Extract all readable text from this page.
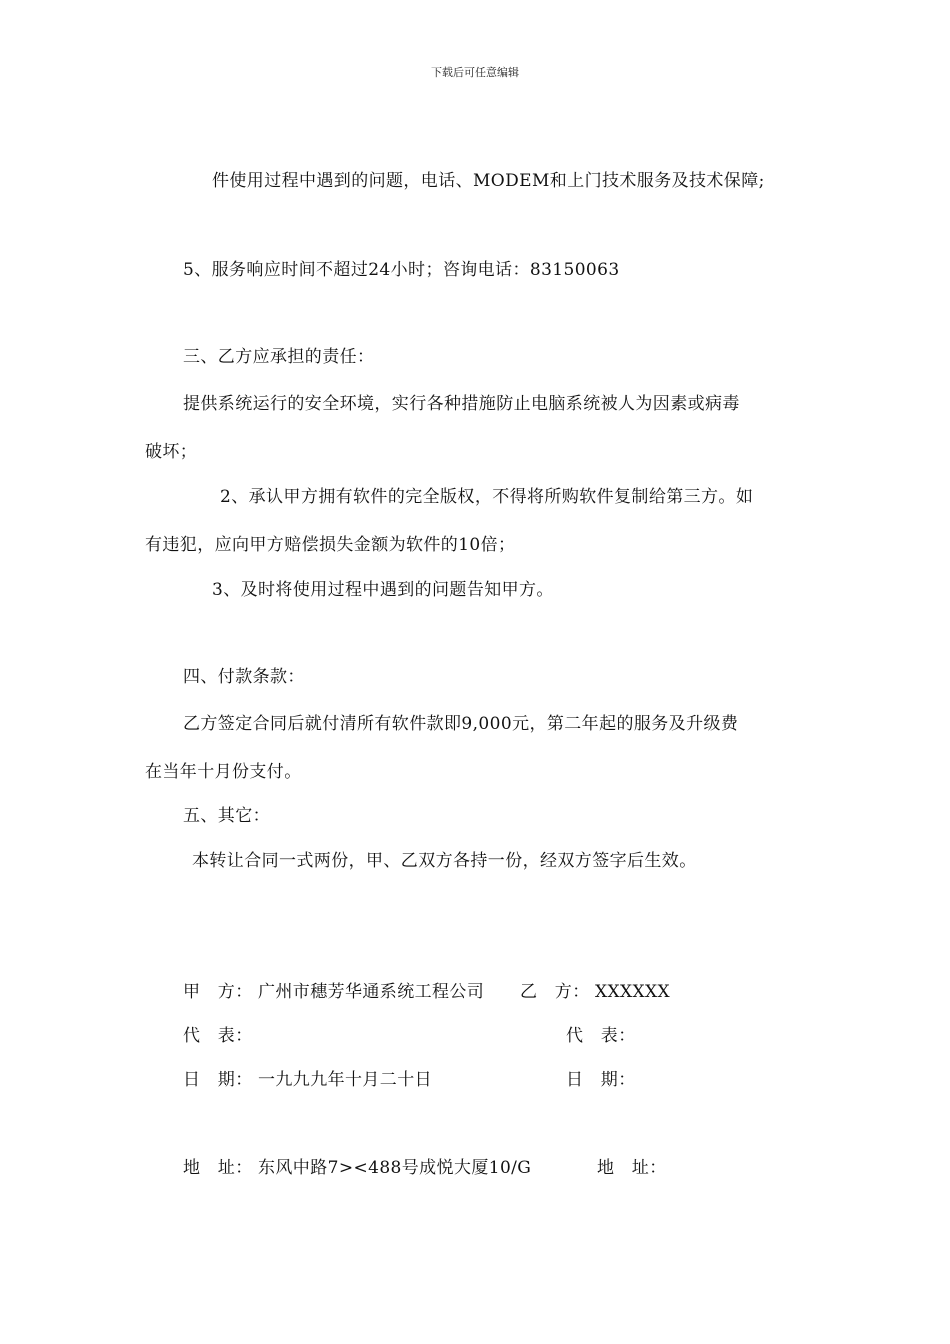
下载后可任意编辑
件使用过程中遇到的问题，电话、MODEM和上门技术服务及技术保障;
5、服务响应时间不超过24小时；咨询电话：83150063
三、乙方应承担的责任：
提供系统运行的安全环境，实行各种措施防止电脑系统被人为因素或病毒
破坏；
2、承认甲方拥有软件的完全版权，不得将所购软件复制给第三方。如
有违犯，应向甲方赔偿损失金额为软件的10倍；
3、及时将使用过程中遇到的问题告知甲方。
四、付款条款：
乙方签定合同后就付清所有软件款即9,000元，第二年起的服务及升级费
在当年十月份支付。
五、其它：
本转让合同一式两份，甲、乙双方各持一份，经双方签字后生效。
甲　方： 广州市穗芳华通系统工程公司 乙　方： XXXXXX
代　表：	代　表：
日　期： 一九九九年十月二十日	日　期：
地　址： 东风中路7><488号成悦大厦10/G	地　址：
